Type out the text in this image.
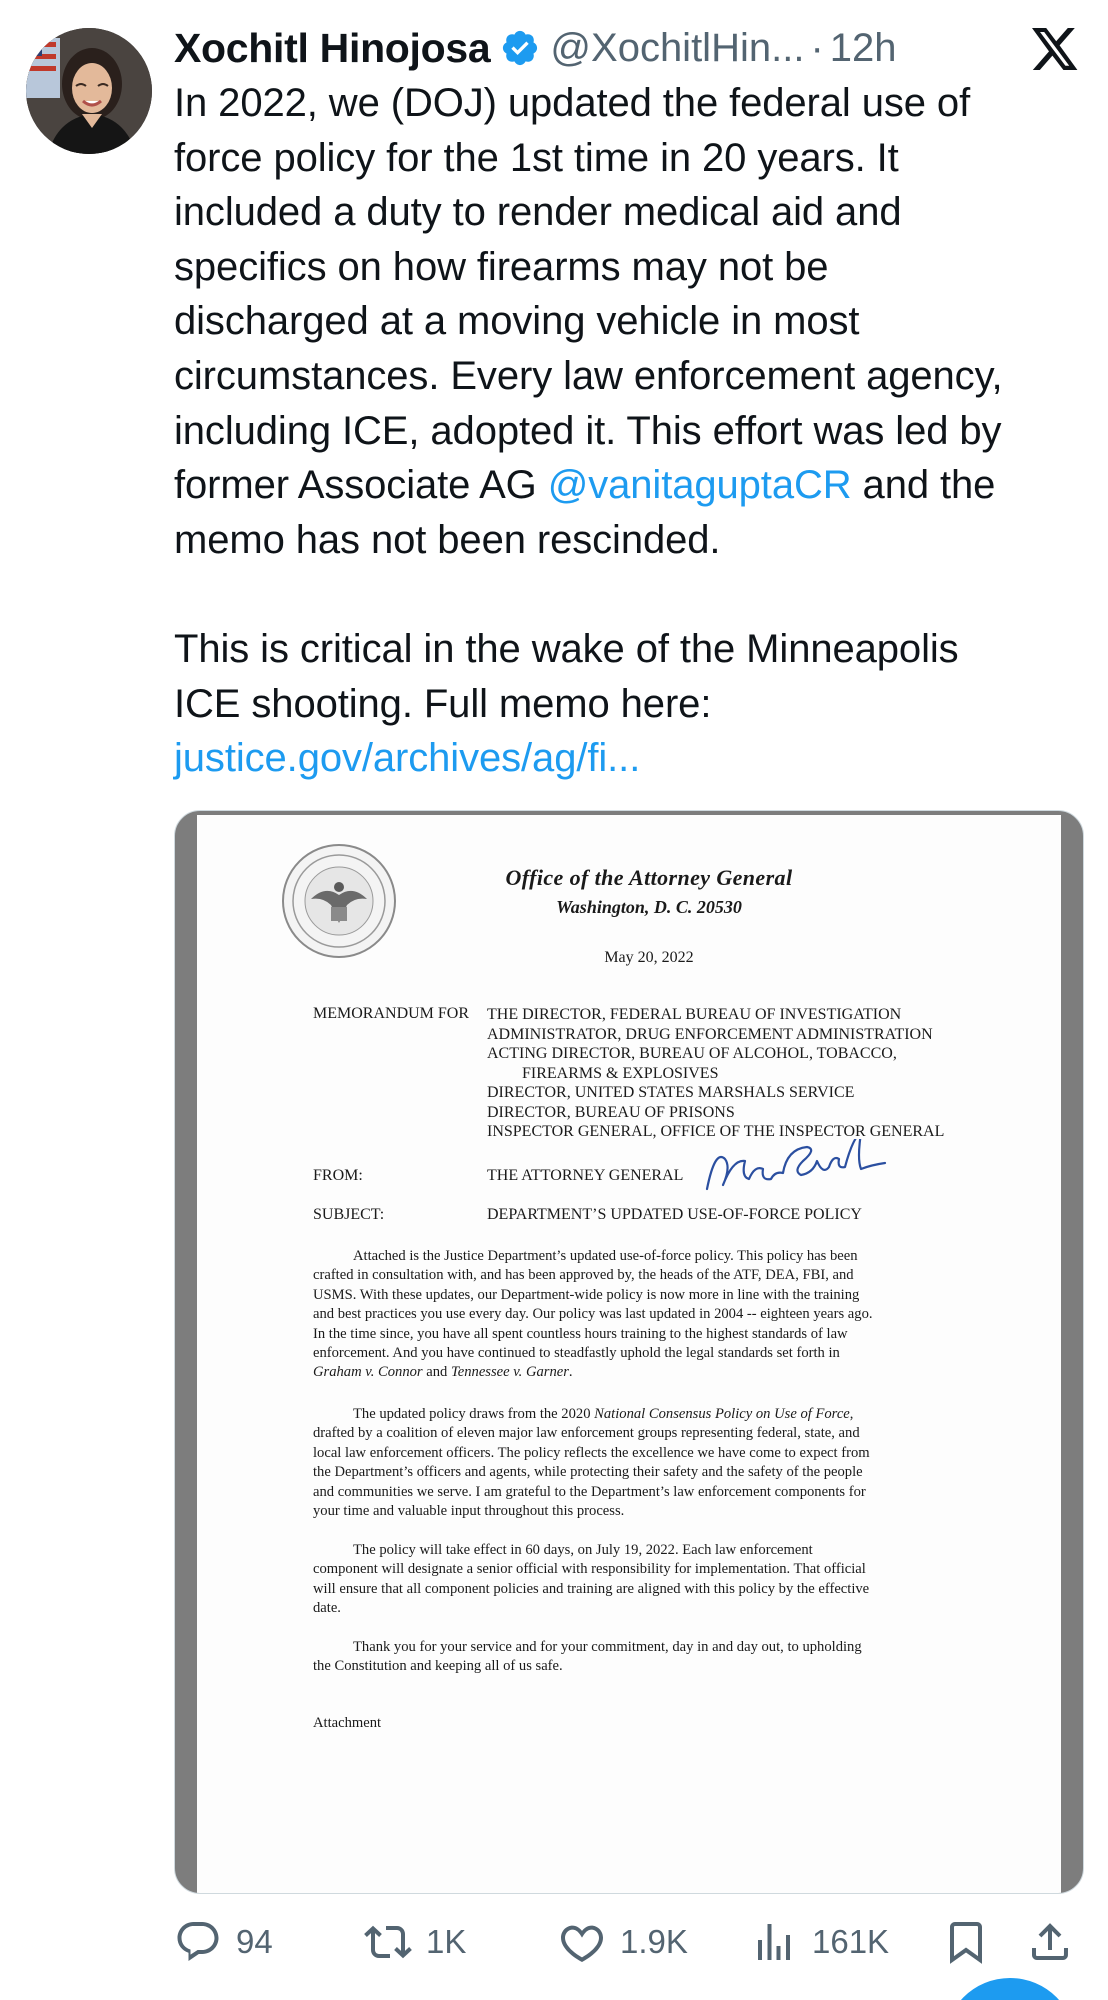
Xochitl Hinojosa @XochitlHin... · 12h
In 2022, we (DOJ) updated the federal use of
force policy for the 1st time in 20 years. It
included a duty to render medical aid and
specifics on how firearms may not be
discharged at a moving vehicle in most
circumstances. Every law enforcement agency,
including ICE, adopted it. This effort was led by
former Associate AG @vanitaguptaCR and the
memo has not been rescinded.
This is critical in the wake of the Minneapolis
ICE shooting. Full memo here:
justice.gov/archives/ag/fi...
Office of the Attorney General
Washington, D. C. 20530
May 20, 2022
MEMORANDUM FOR THE DIRECTOR, FEDERAL BUREAU OF INVESTIGATION
ADMINISTRATOR, DRUG ENFORCEMENT ADMINISTRATION
ACTING DIRECTOR, BUREAU OF ALCOHOL, TOBACCO,
FIREARMS & EXPLOSIVES
DIRECTOR, UNITED STATES MARSHALS SERVICE
DIRECTOR, BUREAU OF PRISONS
INSPECTOR GENERAL, OFFICE OF THE INSPECTOR GENERAL
FROM:	THE ATTORNEY GENERAL
SUBJECT:	DEPARTMENT’S UPDATED USE-OF-FORCE POLICY
Attached is the Justice Department’s updated use-of-force policy. This policy has been
crafted in consultation with, and has been approved by, the heads of the ATF, DEA, FBI, and
USMS. With these updates, our Department-wide policy is now more in line with the training
and best practices you use every day. Our policy was last updated in 2004 -- eighteen years ago.
In the time since, you have all spent countless hours training to the highest standards of law
enforcement. And you have continued to steadfastly uphold the legal standards set forth in
Graham v. Connor and Tennessee v. Garner.
The updated policy draws from the 2020 National Consensus Policy on Use of Force,
drafted by a coalition of eleven major law enforcement groups representing federal, state, and
local law enforcement officers. The policy reflects the excellence we have come to expect from
the Department’s officers and agents, while protecting their safety and the safety of the people
and communities we serve. I am grateful to the Department’s law enforcement components for
your time and valuable input throughout this process.
The policy will take effect in 60 days, on July 19, 2022. Each law enforcement
component will designate a senior official with responsibility for implementation. That official
will ensure that all component policies and training are aligned with this policy by the effective
date.
Thank you for your service and for your commitment, day in and day out, to upholding
the Constitution and keeping all of us safe.
Attachment
94	1K	1.9K	161K
